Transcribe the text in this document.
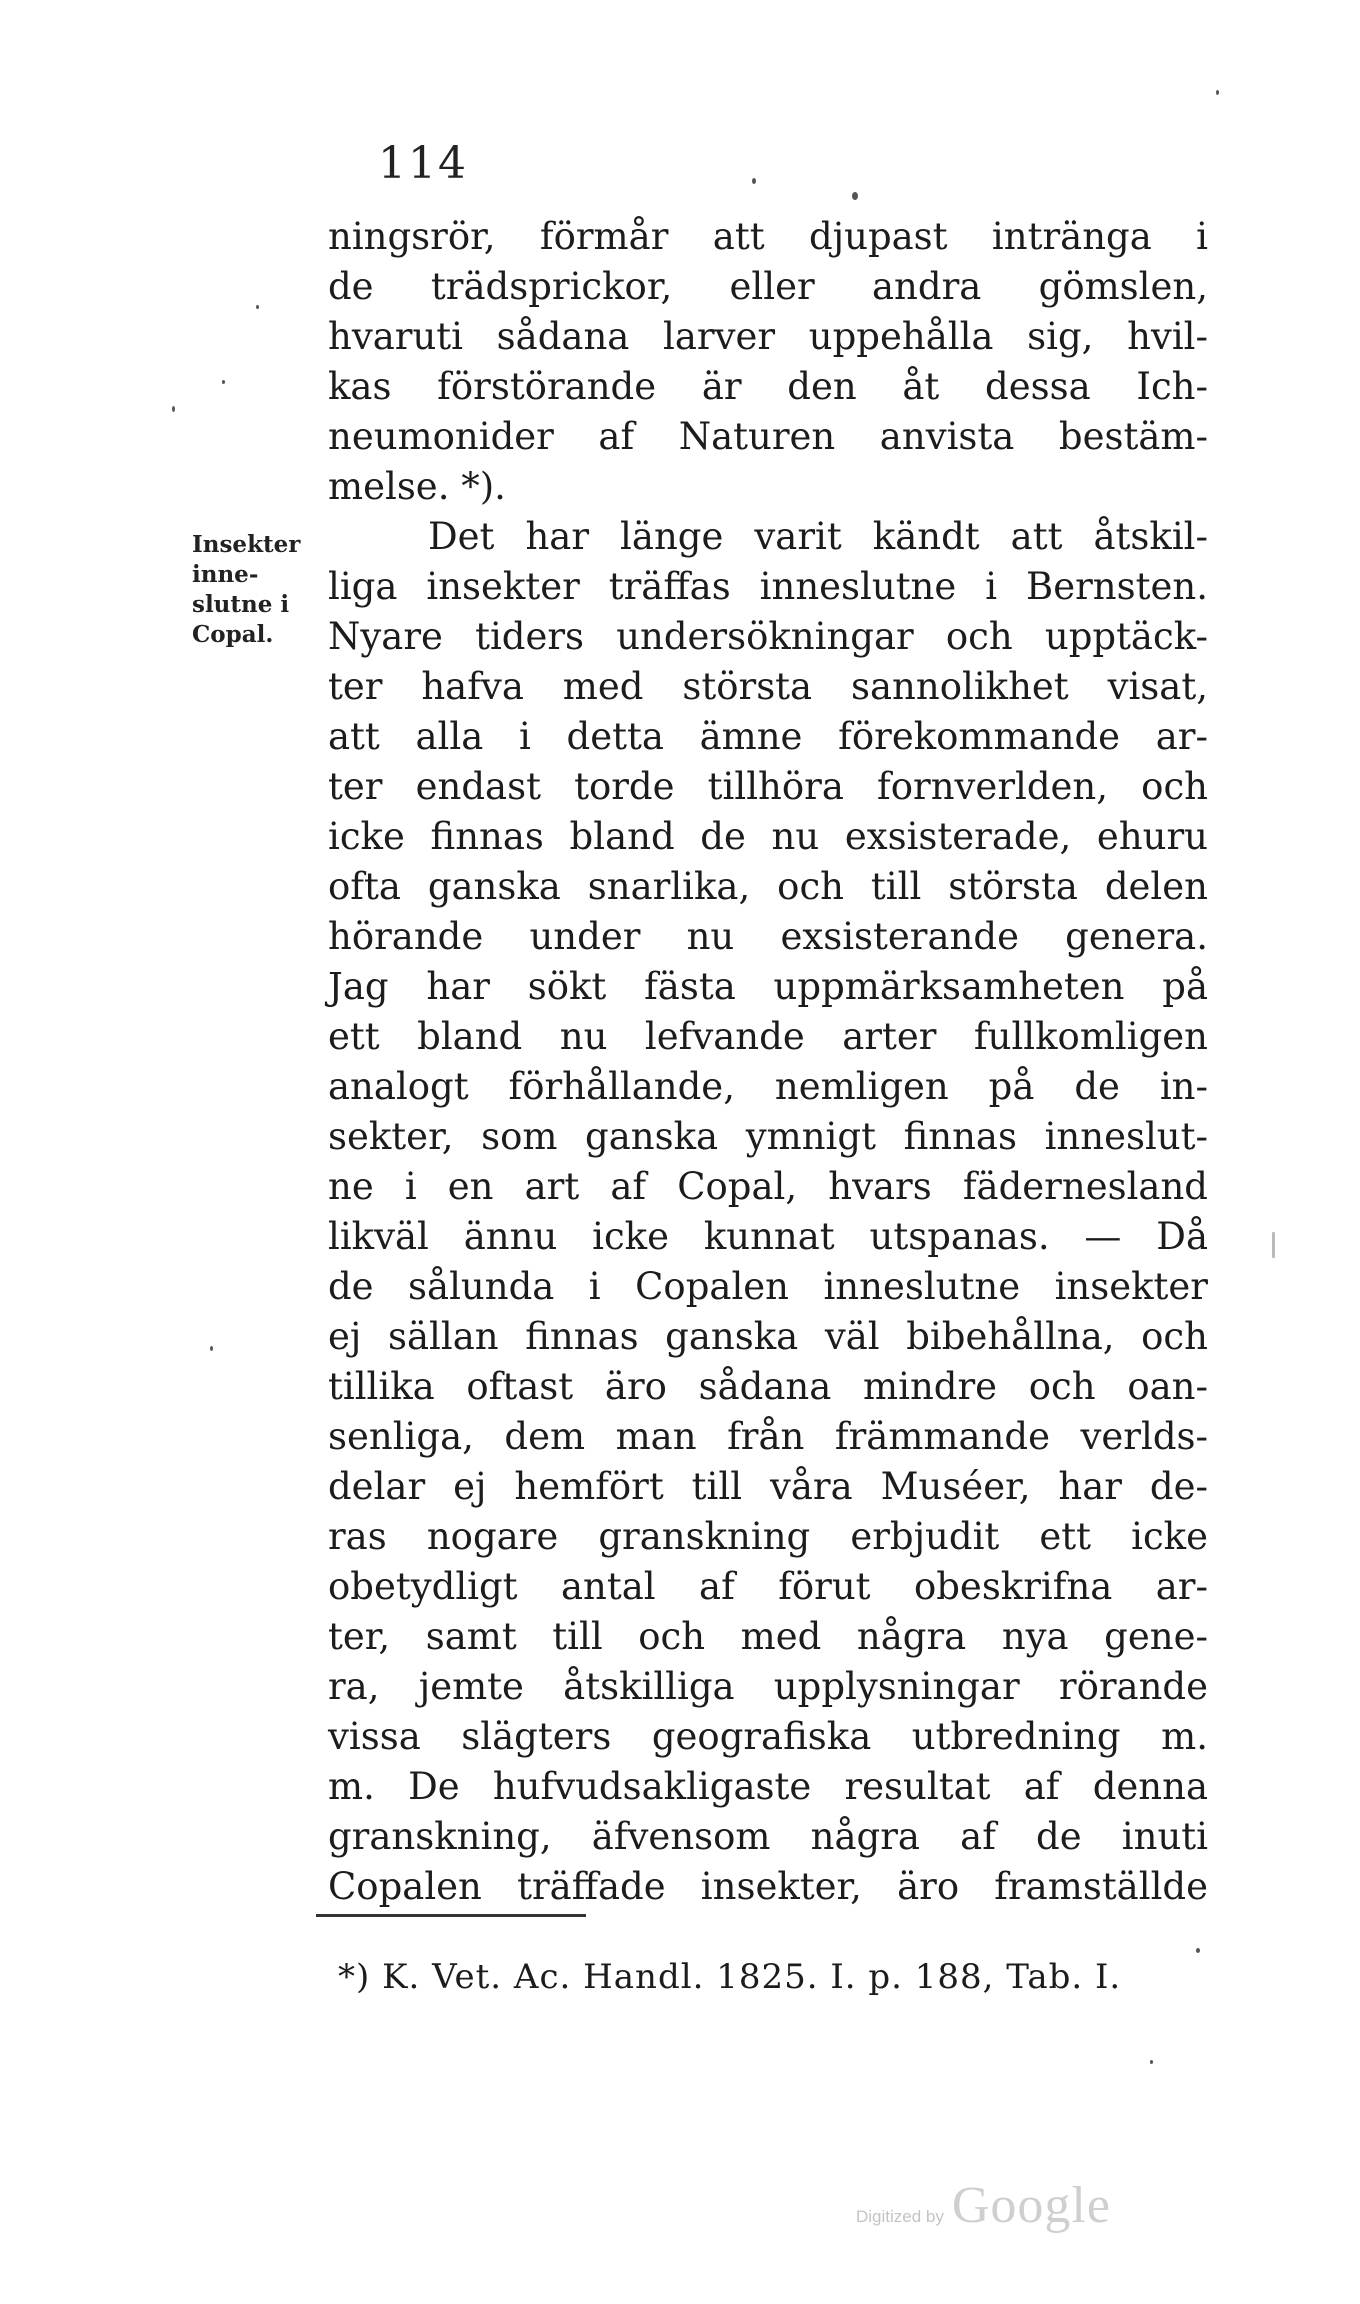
114
Insekter
inne-
slutne i
Copal.
ningsrör, förmår att djupast intränga i
de trädsprickor, eller andra gömslen,
hvaruti sådana larver uppehålla sig, hvil-
kas förstörande är den åt dessa Ich-
neumonider af Naturen anvista bestäm-
melse. *).
Det har länge varit kändt att åtskil-
liga insekter träffas inneslutne i Bernsten.
Nyare tiders undersökningar och upptäck-
ter hafva med största sannolikhet visat,
att alla i detta ämne förekommande ar-
ter endast torde tillhöra fornverlden, och
icke finnas bland de nu exsisterade, ehuru
ofta ganska snarlika, och till största delen
hörande under nu exsisterande genera.
Jag har sökt fästa uppmärksamheten på
ett bland nu lefvande arter fullkomligen
analogt förhållande, nemligen på de in-
sekter, som ganska ymnigt finnas inneslut-
ne i en art af Copal, hvars fädernesland
likväl ännu icke kunnat utspanas. — Då
de sålunda i Copalen inneslutne insekter
ej sällan finnas ganska väl bibehållna, och
tillika oftast äro sådana mindre och oan-
senliga, dem man från främmande verlds-
delar ej hemfört till våra Muséer, har de-
ras nogare granskning erbjudit ett icke
obetydligt antal af förut obeskrifna ar-
ter, samt till och med några nya gene-
ra, jemte åtskilliga upplysningar rörande
vissa slägters geografiska utbredning m.
m. De hufvudsakligaste resultat af denna
granskning, äfvensom några af de inuti
Copalen träffade insekter, äro framställde
*) K. Vet. Ac. Handl. 1825. I. p. 188, Tab. I.
Digitized by Google
